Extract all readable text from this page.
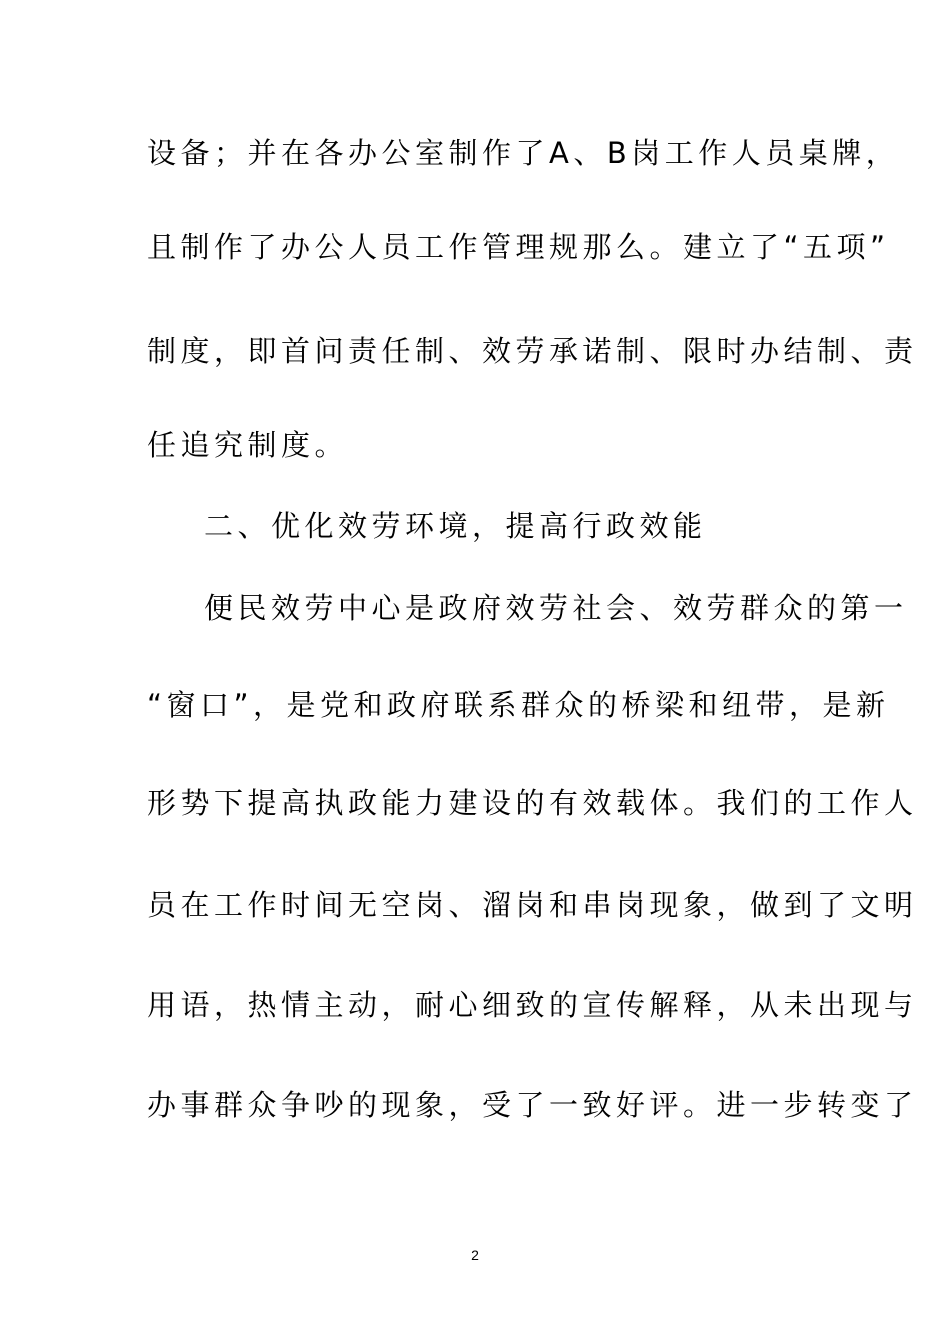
设备；并在各办公室制作了A、B岗工作人员桌牌，
且制作了办公人员工作管理规那么。建立了“五项”
制度，即首问责任制、效劳承诺制、限时办结制、责
任追究制度。
二、优化效劳环境，提高行政效能
便民效劳中心是政府效劳社会、效劳群众的第一
“窗口”，是党和政府联系群众的桥梁和纽带，是新
形势下提高执政能力建设的有效载体。我们的工作人
员在工作时间无空岗、溜岗和串岗现象，做到了文明
用语，热情主动，耐心细致的宣传解释，从未出现与
办事群众争吵的现象，受了一致好评。进一步转变了
2
